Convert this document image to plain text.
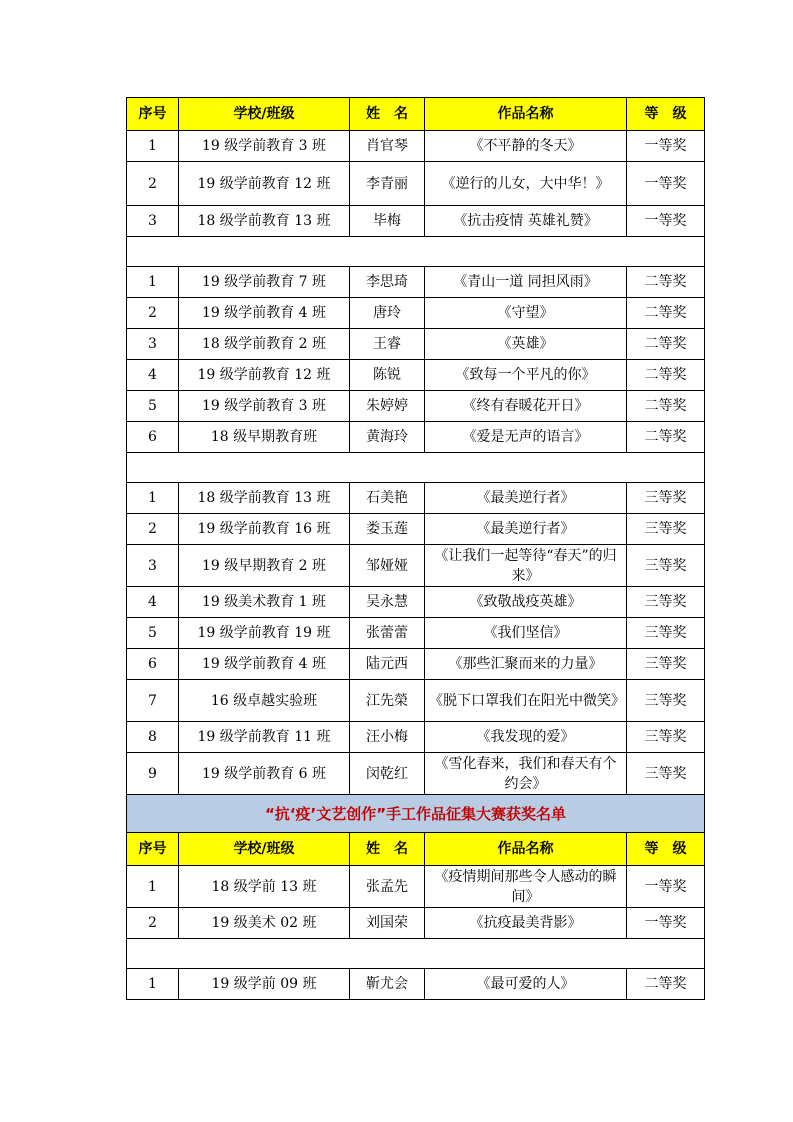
序号	学校/班级	姓　名	作品名称	等　级
1	19 级学前教育 3 班	肖官琴	《不平静的冬天》	一等奖
2	19 级学前教育 12 班	李青丽	《逆行的儿女，大中华！》	一等奖
3	18 级学前教育 13 班	毕梅	《抗击疫情 英雄礼赞》	一等奖

1	19 级学前教育 7 班	李思琦	《青山一道 同担风雨》	二等奖
2	19 级学前教育 4 班	唐玲	《守望》	二等奖
3	18 级学前教育 2 班	王睿	《英雄》	二等奖
4	19 级学前教育 12 班	陈锐	《致每一个平凡的你》	二等奖
5	19 级学前教育 3 班	朱婷婷	《终有春暖花开日》	二等奖
6	18 级早期教育班	黄海玲	《爱是无声的语言》	二等奖

1	18 级学前教育 13 班	石美艳	《最美逆行者》	三等奖
2	19 级学前教育 16 班	娄玉莲	《最美逆行者》	三等奖
3	19 级早期教育 2 班	邹娅娅	《让我们一起等待“春天”的归来》	三等奖
4	19 级美术教育 1 班	吴永慧	《致敬战疫英雄》	三等奖
5	19 级学前教育 19 班	张蕾蕾	《我们坚信》	三等奖
6	19 级学前教育 4 班	陆元西	《那些汇聚而来的力量》	三等奖
7	16 级卓越实验班	江先榮	《脱下口罩我们在阳光中微笑》	三等奖
8	19 级学前教育 11 班	汪小梅	《我发现的爱》	三等奖
9	19 级学前教育 6 班	闵乾红	《雪化春来，我们和春天有个约会》	三等奖
“抗‘疫’文艺创作”手工作品征集大赛获奖名单				
序号	学校/班级	姓　名	作品名称	等　级
1	18 级学前 13 班	张孟先	《疫情期间那些令人感动的瞬间》	一等奖
2	19 级美术 02 班	刘国荣	《抗疫最美背影》	一等奖

1	19 级学前 09 班	靳尤会	《最可爱的人》	二等奖
